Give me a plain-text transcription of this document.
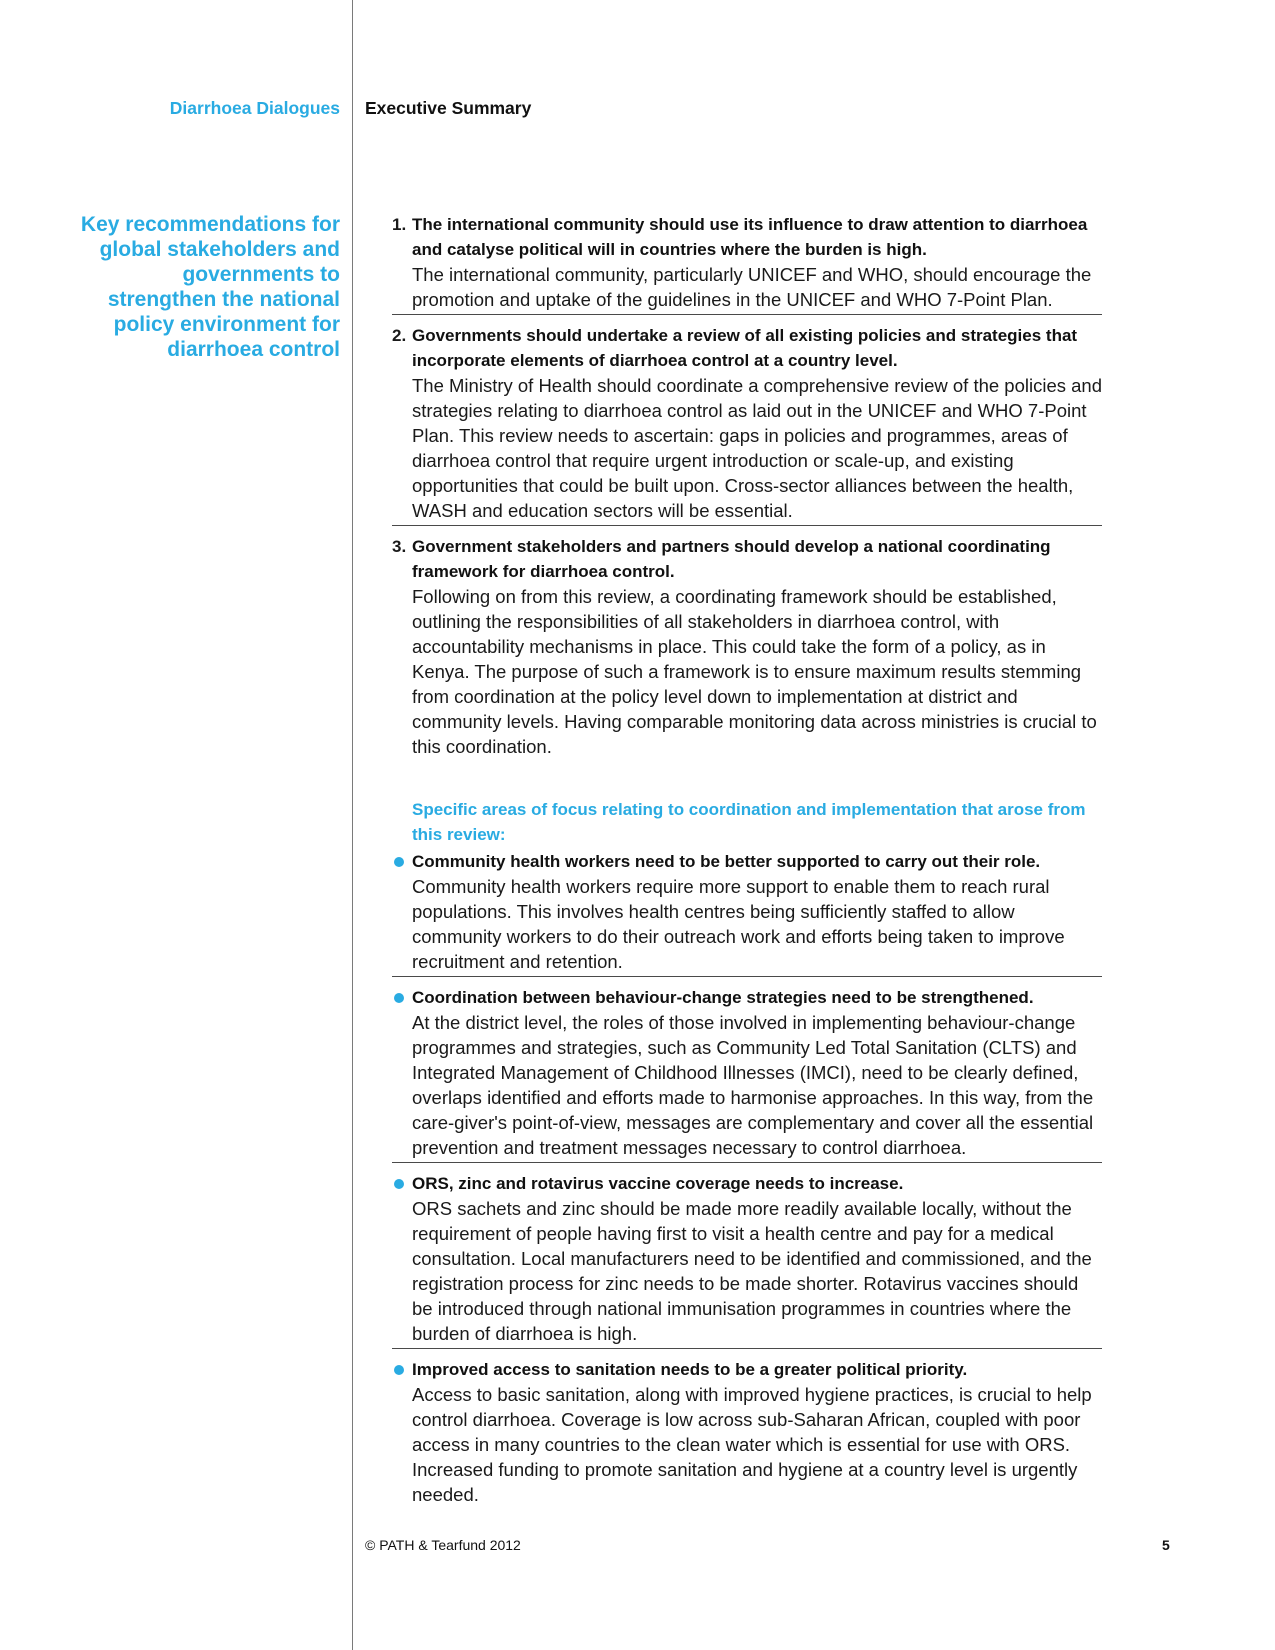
Diarrhoea Dialogues Executive Summary
Key recommendations for global stakeholders and governments to strengthen the national policy environment for diarrhoea control
1. The international community should use its influence to draw attention to diarrhoea and catalyse political will in countries where the burden is high.
The international community, particularly UNICEF and WHO, should encourage the promotion and uptake of the guidelines in the UNICEF and WHO 7-Point Plan.
2. Governments should undertake a review of all existing policies and strategies that incorporate elements of diarrhoea control at a country level.
The Ministry of Health should coordinate a comprehensive review of the policies and strategies relating to diarrhoea control as laid out in the UNICEF and WHO 7-Point Plan. This review needs to ascertain: gaps in policies and programmes, areas of diarrhoea control that require urgent introduction or scale-up, and existing opportunities that could be built upon. Cross-sector alliances between the health, WASH and education sectors will be essential.
3. Government stakeholders and partners should develop a national coordinating framework for diarrhoea control.
Following on from this review, a coordinating framework should be established, outlining the responsibilities of all stakeholders in diarrhoea control, with accountability mechanisms in place. This could take the form of a policy, as in Kenya. The purpose of such a framework is to ensure maximum results stemming from coordination at the policy level down to implementation at district and community levels. Having comparable monitoring data across ministries is crucial to this coordination.
Specific areas of focus relating to coordination and implementation that arose from this review:
Community health workers need to be better supported to carry out their role.
Community health workers require more support to enable them to reach rural populations. This involves health centres being sufficiently staffed to allow community workers to do their outreach work and efforts being taken to improve recruitment and retention.
Coordination between behaviour-change strategies need to be strengthened.
At the district level, the roles of those involved in implementing behaviour-change programmes and strategies, such as Community Led Total Sanitation (CLTS) and Integrated Management of Childhood Illnesses (IMCI), need to be clearly defined, overlaps identified and efforts made to harmonise approaches. In this way, from the care-giver's point-of-view, messages are complementary and cover all the essential prevention and treatment messages necessary to control diarrhoea.
ORS, zinc and rotavirus vaccine coverage needs to increase.
ORS sachets and zinc should be made more readily available locally, without the requirement of people having first to visit a health centre and pay for a medical consultation. Local manufacturers need to be identified and commissioned, and the registration process for zinc needs to be made shorter. Rotavirus vaccines should be introduced through national immunisation programmes in countries where the burden of diarrhoea is high.
Improved access to sanitation needs to be a greater political priority.
Access to basic sanitation, along with improved hygiene practices, is crucial to help control diarrhoea. Coverage is low across sub-Saharan African, coupled with poor access in many countries to the clean water which is essential for use with ORS. Increased funding to promote sanitation and hygiene at a country level is urgently needed.
© PATH & Tearfund 2012	5
